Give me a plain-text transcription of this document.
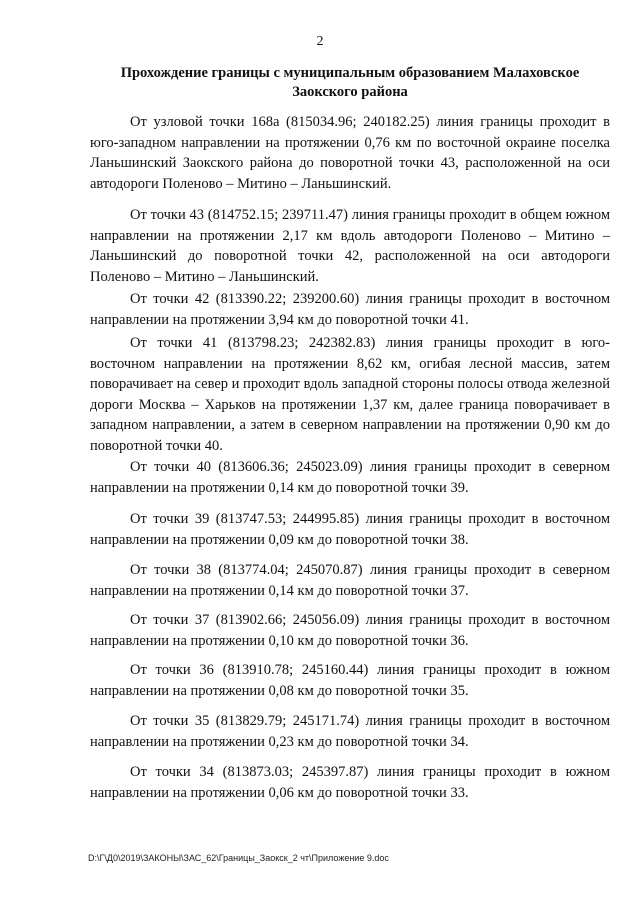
2
Прохождение границы с муниципальным образованием Малаховское Заокского района

От узловой точки 168а (815034.96; 240182.25) линия границы проходит в юго-западном направлении на протяжении 0,76 км по восточной окраине поселка Ланьшинский Заокского района до поворотной точки 43, расположенной на оси автодороги Поленово – Митино – Ланьшинский.

От точки 43 (814752.15; 239711.47) линия границы проходит в общем южном направлении на протяжении 2,17 км вдоль автодороги Поленово – Митино – Ланьшинский до поворотной точки 42, расположенной на оси автодороги Поленово – Митино – Ланьшинский.

От точки 42 (813390.22; 239200.60) линия границы проходит в восточном направлении на протяжении 3,94 км до поворотной точки 41.

От точки 41 (813798.23; 242382.83) линия границы проходит в юго-восточном направлении на протяжении 8,62 км, огибая лесной массив, затем поворачивает на север и проходит вдоль западной стороны полосы отвода железной дороги Москва – Харьков на протяжении 1,37 км, далее граница поворачивает в западном направлении, а затем в северном направлении на протяжении 0,90 км до поворотной точки 40.

От точки 40 (813606.36; 245023.09) линия границы проходит в северном направлении на протяжении 0,14 км до поворотной точки 39.

От точки 39 (813747.53; 244995.85) линия границы проходит в восточном направлении на протяжении 0,09 км до поворотной точки 38.

От точки 38 (813774.04; 245070.87) линия границы проходит в северном направлении на протяжении 0,14 км до поворотной точки 37.

От точки 37 (813902.66; 245056.09) линия границы проходит в восточном направлении на протяжении 0,10 км до поворотной точки 36.

От точки 36 (813910.78; 245160.44) линия границы проходит в южном направлении на протяжении 0,08 км до поворотной точки 35.

От точки 35 (813829.79; 245171.74) линия границы проходит в восточном направлении на протяжении 0,23 км до поворотной точки 34.

От точки 34 (813873.03; 245397.87) линия границы проходит в южном направлении на протяжении 0,06 км до поворотной точки 33.

D:\Г\Д0\2019\ЗАКОНЫ\ЗАС_62\Границы_Заокск_2 чт\Приложение 9.doc
